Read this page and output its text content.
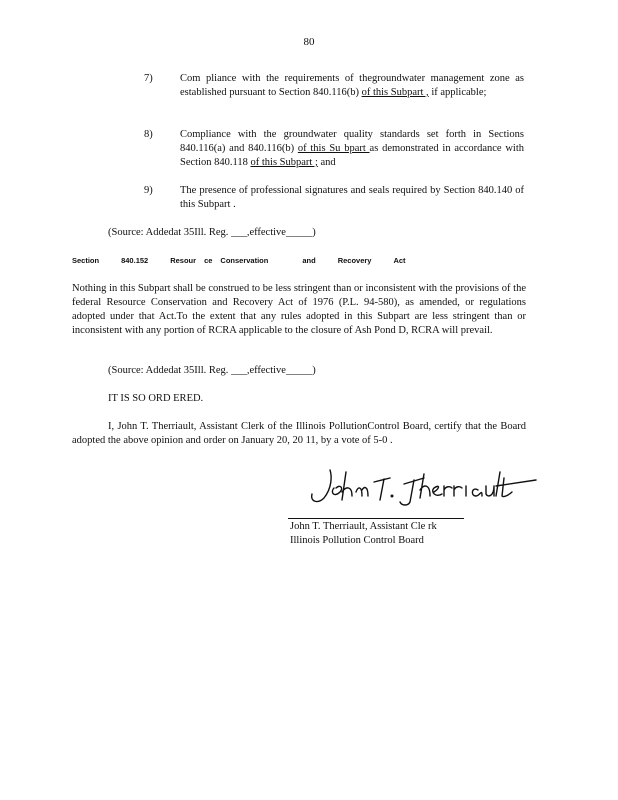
80
7)	Com pliance with the requirements of thegroundwater management zone as established pursuant to Section 840.116(b) of this Subpart , if applicable;
8)	Compliance with the groundwater quality standards set forth in Sections 840.116(a) and 840.116(b) of this Su bpart as demonstrated in accordance with Section 840.118 of this Subpart ; and
9)	The presence of professional signatures and seals required by Section 840.140 of this Subpart .
(Source: Addedat 35Ill. Reg. ___,effective_____)
Section	840.152	Resour ce Conservation	and	Recovery	Act
Nothing in this Subpart shall be construed to be less stringent than or inconsistent with the provisions of the federal Resource Conservation and Recovery Act of 1976 (P.L. 94-580), as amended, or regulations adopted under that Act.To the extent that any rules adopted in this Subpart are less stringent than or inconsistent with any portion of RCRA applicable to the closure of Ash Pond D, RCRA will prevail.
(Source: Addedat 35Ill. Reg. ___,effective_____)
IT IS SO ORD ERED.
I, John T. Therriault, Assistant Clerk of the Illinois PollutionControl Board, certify that the Board adopted the above opinion and order on January 20, 20 11, by a vote of 5-0 .
John T. Therriault, Assistant Cle rk
Illinois Pollution Control Board
